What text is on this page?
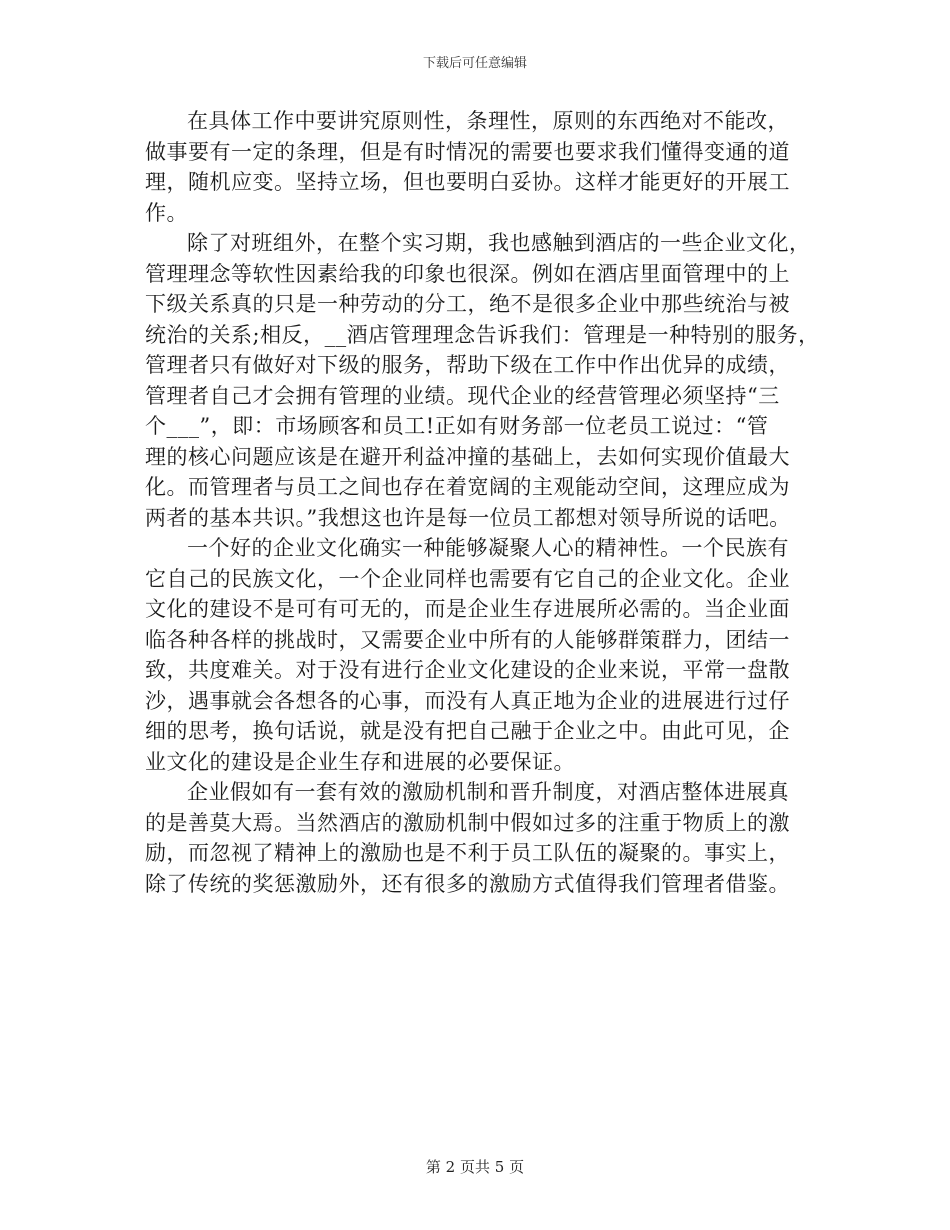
下载后可任意编辑
在具体工作中要讲究原则性，条理性，原则的东西绝对不能改，
做事要有一定的条理，但是有时情况的需要也要求我们懂得变通的道
理，随机应变。坚持立场，但也要明白妥协。这样才能更好的开展工
作。
除了对班组外，在整个实习期，我也感触到酒店的一些企业文化，
管理理念等软性因素给我的印象也很深。例如在酒店里面管理中的上
下级关系真的只是一种劳动的分工，绝不是很多企业中那些统治与被
统治的关系;相反，__酒店管理理念告诉我们：管理是一种特别的服务，
管理者只有做好对下级的服务，帮助下级在工作中作出优异的成绩，
管理者自己才会拥有管理的业绩。现代企业的经营管理必须坚持“三
个___”，即：市场顾客和员工!正如有财务部一位老员工说过：“管
理的核心问题应该是在避开利益冲撞的基础上，去如何实现价值最大
化。而管理者与员工之间也存在着宽阔的主观能动空间，这理应成为
两者的基本共识。”我想这也许是每一位员工都想对领导所说的话吧。
一个好的企业文化确实一种能够凝聚人心的精神性。一个民族有
它自己的民族文化，一个企业同样也需要有它自己的企业文化。企业
文化的建设不是可有可无的，而是企业生存进展所必需的。当企业面
临各种各样的挑战时，又需要企业中所有的人能够群策群力，团结一
致，共度难关。对于没有进行企业文化建设的企业来说，平常一盘散
沙，遇事就会各想各的心事，而没有人真正地为企业的进展进行过仔
细的思考，换句话说，就是没有把自己融于企业之中。由此可见，企
业文化的建设是企业生存和进展的必要保证。
企业假如有一套有效的激励机制和晋升制度，对酒店整体进展真
的是善莫大焉。当然酒店的激励机制中假如过多的注重于物质上的激
励，而忽视了精神上的激励也是不利于员工队伍的凝聚的。事实上，
除了传统的奖惩激励外，还有很多的激励方式值得我们管理者借鉴。
第 2 页共 5 页
